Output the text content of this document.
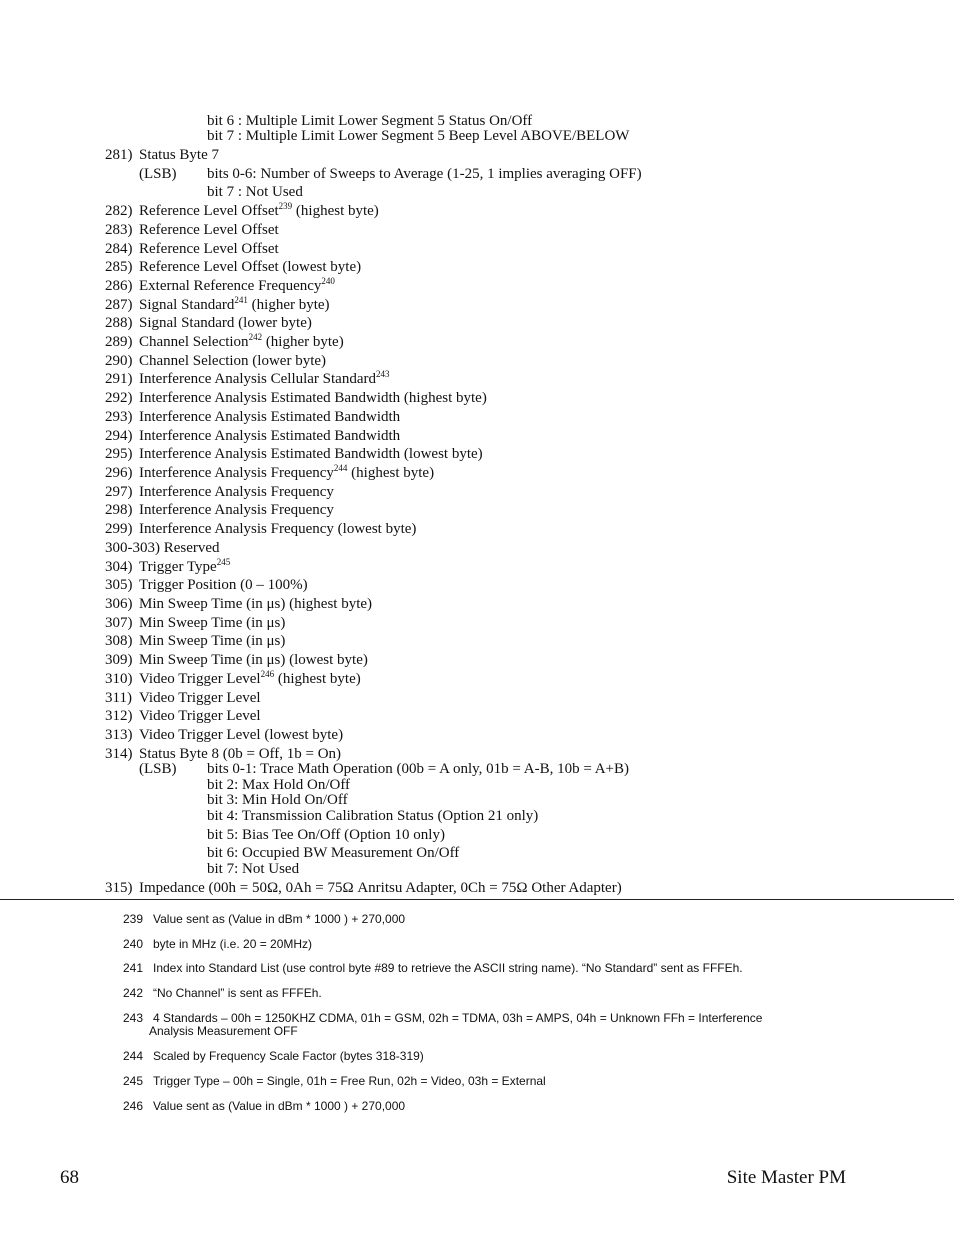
bit 6 : Multiple Limit Lower Segment 5 Status On/Off
bit 7 : Multiple Limit Lower Segment 5 Beep Level ABOVE/BELOW
281) Status Byte 7
(LSB) bits 0-6: Number of Sweeps to Average (1-25, 1 implies averaging OFF)
bit 7 : Not Used
282) Reference Level Offset$^{239}$ (highest byte)
283) Reference Level Offset
284) Reference Level Offset
285) Reference Level Offset (lowest byte)
286) External Reference Frequency$^{240}$
287) Signal Standard$^{241}$ (higher byte)
288) Signal Standard (lower byte)
289) Channel Selection$^{242}$ (higher byte)
290) Channel Selection (lower byte)
291) Interference Analysis Cellular Standard$^{243}$
292) Interference Analysis Estimated Bandwidth (highest byte)
293) Interference Analysis Estimated Bandwidth
294) Interference Analysis Estimated Bandwidth
295) Interference Analysis Estimated Bandwidth (lowest byte)
296) Interference Analysis Frequency$^{244}$ (highest byte)
297) Interference Analysis Frequency
298) Interference Analysis Frequency
299) Interference Analysis Frequency (lowest byte)
300-303) Reserved
304) Trigger Type$^{245}$
305) Trigger Position (0 – 100%)
306) Min Sweep Time (in μs) (highest byte)
307) Min Sweep Time (in μs)
308) Min Sweep Time (in μs)
309) Min Sweep Time (in μs) (lowest byte)
310) Video Trigger Level$^{246}$ (highest byte)
311) Video Trigger Level
312) Video Trigger Level
313) Video Trigger Level (lowest byte)
314) Status Byte 8 (0b = Off, 1b = On)
(LSB) bits 0-1: Trace Math Operation (00b = A only, 01b = A-B, 10b = A+B)
bit 2: Max Hold On/Off
bit 3: Min Hold On/Off
bit 4: Transmission Calibration Status (Option 21 only)
bit 5: Bias Tee On/Off (Option 10 only)
bit 6: Occupied BW Measurement On/Off
bit 7: Not Used
315) Impedance (00h = 50Ω, 0Ah = 75Ω Anritsu Adapter, 0Ch = 75Ω Other Adapter)
239 Value sent as (Value in dBm * 1000 ) + 270,000
240 byte in MHz (i.e. 20 = 20MHz)
241 Index into Standard List (use control byte #89 to retrieve the ASCII string name). “No Standard” sent as FFFEh.
242 “No Channel” is sent as FFFEh.
243 4 Standards – 00h = 1250KHZ CDMA, 01h = GSM, 02h = TDMA, 03h = AMPS, 04h = Unknown FFh = Interference
Analysis Measurement OFF
244 Scaled by Frequency Scale Factor (bytes 318-319)
245 Trigger Type – 00h = Single, 01h = Free Run, 02h = Video, 03h = External
246 Value sent as (Value in dBm * 1000 ) + 270,000
68	Site Master PM
